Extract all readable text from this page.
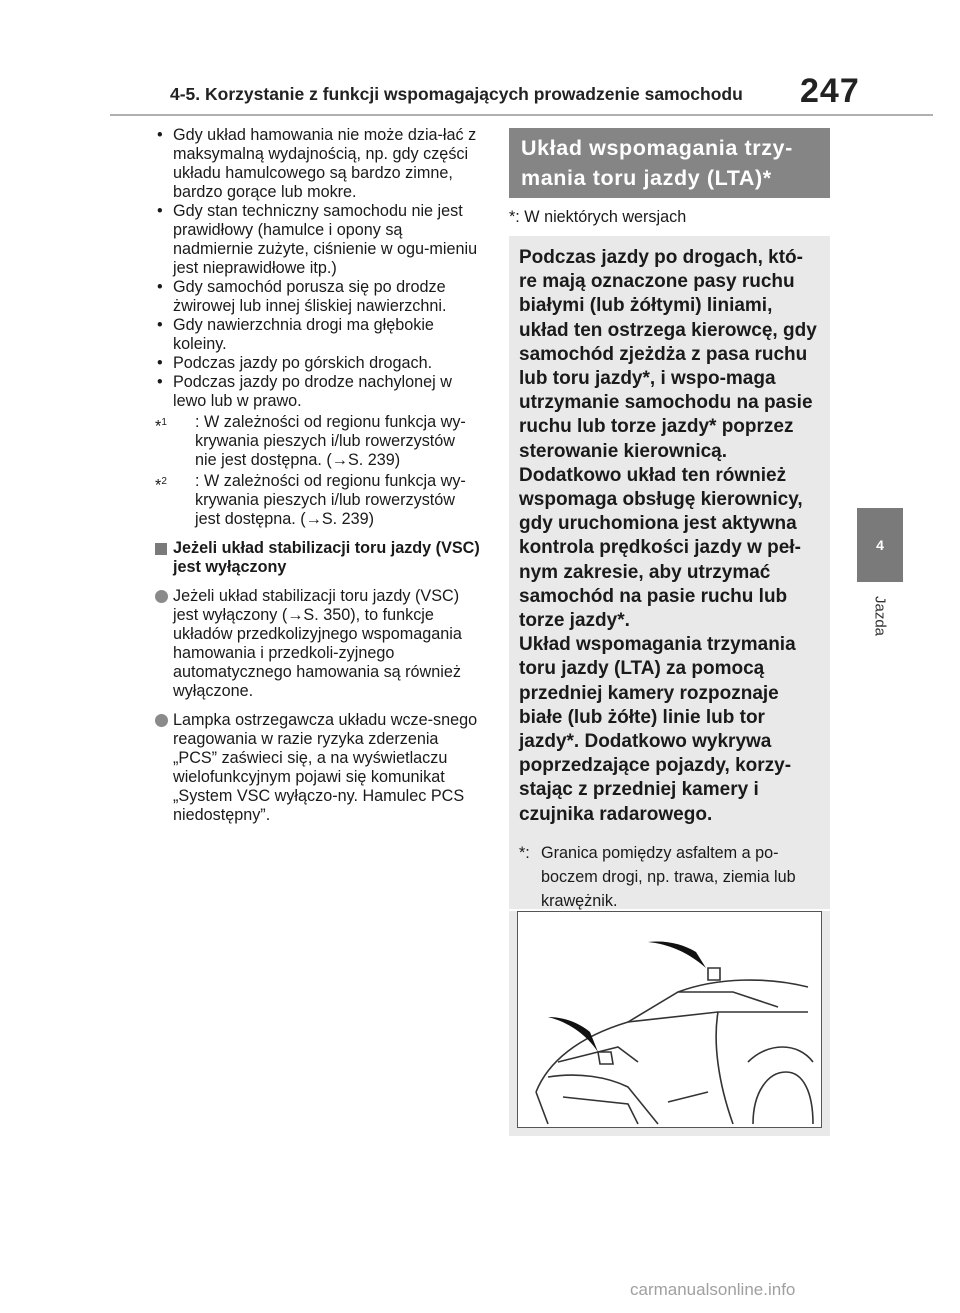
4-5. Korzystanie z funkcji wspomagających prowadzenie samochodu 247
4
Jazda
• Gdy układ hamowania nie może dzia-łać z maksymalną wydajnością, np. gdy części układu hamulcowego są bardzo zimne, bardzo gorące lub mokre.
• Gdy stan techniczny samochodu nie jest prawidłowy (hamulce i opony są nadmiernie zużyte, ciśnienie w ogu-mieniu jest nieprawidłowe itp.)
• Gdy samochód porusza się po drodze żwirowej lub innej śliskiej nawierzchni.
• Gdy nawierzchnia drogi ma głębokie koleiny.
• Podczas jazdy po górskich drogach.
• Podczas jazdy po drodze nachylonej w lewo lub w prawo.
*$^1$ : W zależności od regionu funkcja wy-krywania pieszych i/lub rowerzystów nie jest dostępna. (→S. 239)
*$^2$ : W zależności od regionu funkcja wy-krywania pieszych i/lub rowerzystów jest dostępna. (→S. 239)
Jeżeli układ stabilizacji toru jazdy (VSC) jest wyłączony
Jeżeli układ stabilizacji toru jazdy (VSC) jest wyłączony (→S. 350), to funkcje układów przedkolizyjnego wspomagania hamowania i przedkoli-zyjnego automatycznego hamowania są również wyłączone.
Lampka ostrzegawcza układu wcze-snego reagowania w razie ryzyka zderzenia „PCS” zaświeci się, a na wyświetlaczu wielofunkcyjnym pojawi się komunikat „System VSC wyłączo-ny. Hamulec PCS niedostępny”.
Układ wspomagania trzy-
mania toru jazdy (LTA)*
*: W niektórych wersjach
Podczas jazdy po drogach, któ-re mają oznaczone pasy ruchu białymi (lub żółtymi) liniami, układ ten ostrzega kierowcę, gdy samochód zjeżdża z pasa ruchu lub toru jazdy*, i wspo-maga utrzymanie samochodu na pasie ruchu lub torze jazdy* poprzez sterowanie kierownicą. Dodatkowo układ ten również wspomaga obsługę kierownicy, gdy uruchomiona jest aktywna kontrola prędkości jazdy w peł-nym zakresie, aby utrzymać samochód na pasie ruchu lub torze jazdy*.
Układ wspomagania trzymania toru jazdy (LTA) za pomocą przedniej kamery rozpoznaje białe (lub żółte) linie lub tor jazdy*. Dodatkowo wykrywa poprzedzające pojazdy, korzy-stając z przedniej kamery i czujnika radarowego.
*: Granica pomiędzy asfaltem a po-boczem drogi, np. trawa, ziemia lub krawężnik.
carmanualsonline.info
